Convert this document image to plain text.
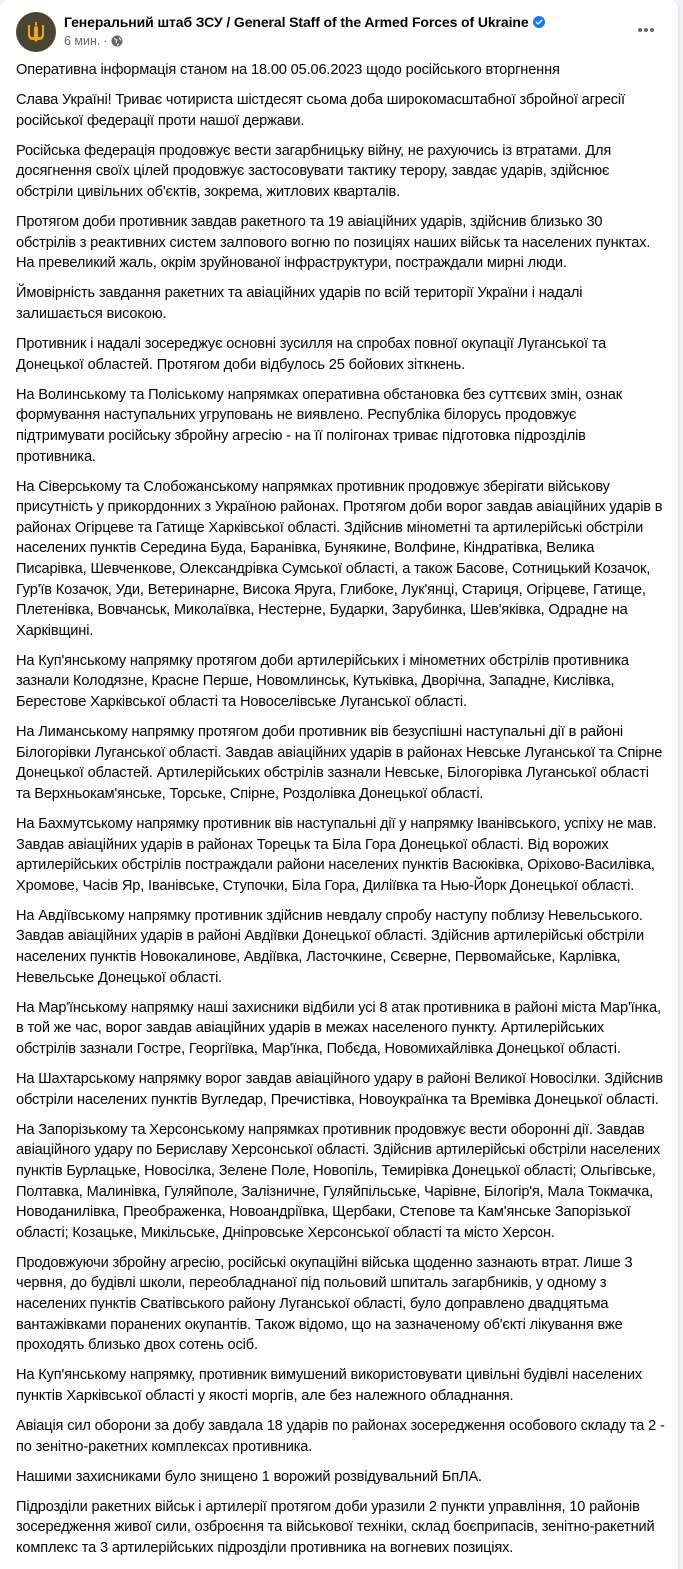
Генеральний штаб ЗСУ / General Staff of the Armed Forces of Ukraine
6 мин. ·

Оперативна інформація станом на 18.00 05.06.2023 щодо російського вторгнення

Слава Україні! Триває чотириста шістдесят сьома доба широкомасштабної збройної агресії російської федерації проти нашої держави.

Російська федерація продовжує вести загарбницьку війну, не рахуючись із втратами. Для досягнення своїх цілей продовжує застосовувати тактику терору, завдає ударів, здійснює обстріли цивільних об'єктів, зокрема, житлових кварталів.

Протягом доби противник завдав ракетного та 19 авіаційних ударів, здійснив близько 30 обстрілів з реактивних систем залпового вогню по позиціях наших військ та населених пунктах. На превеликий жаль, окрім зруйнованої інфраструктури, постраждали мирні люди.

Ймовірність завдання ракетних та авіаційних ударів по всій території України і надалі залишається високою.

Противник і надалі зосереджує основні зусилля на спробах повної окупації Луганської та Донецької областей. Протягом доби відбулось 25 бойових зіткнень.

На Волинському та Поліському напрямках оперативна обстановка без суттєвих змін, ознак формування наступальних угруповань не виявлено. Республіка білорусь продовжує підтримувати російську збройну агресію - на її полігонах триває підготовка підрозділів противника.

На Сіверському та Слобожанському напрямках противник продовжує зберігати військову присутність у прикордонних з Україною районах. Протягом доби ворог завдав авіаційних ударів в районах Огірцеве та Гатище Харківської області. Здійснив мінометні та артилерійські обстріли населених пунктів Середина Буда, Баранівка, Бунякине, Волфине, Кіндратівка, Велика Писарівка, Шевченкове, Олександрівка Сумської області, а також Басове, Сотницький Козачок, Гур'їв Козачок, Уди, Ветеринарне, Висока Яруга, Глибоке, Лук'янці, Стариця, Огірцеве, Гатище, Плетенівка, Вовчанськ, Миколаївка, Нестерне, Бударки, Зарубинка, Шев'яківка, Одрадне на Харківщині.

На Куп'янському напрямку протягом доби артилерійських і мінометних обстрілів противника зазнали Колодязне, Красне Перше, Новомлинськ, Кутьківка, Дворічна, Западне, Кислівка, Берестове Харківської області та Новоселівське Луганської області.

На Лиманському напрямку протягом доби противник вів безуспішні наступальні дії в районі Білогорівки Луганської області. Завдав авіаційних ударів в районах Невське Луганської та Спірне Донецької областей. Артилерійських обстрілів зазнали Невське, Білогорівка Луганської області та Верхньокам'янське, Торське, Спірне, Роздолівка Донецької області.

На Бахмутському напрямку противник вів наступальні дії у напрямку Іванівського, успіху не мав. Завдав авіаційних ударів в районах Торецьк та Біла Гора Донецької області. Від ворожих артилерійських обстрілів постраждали райони населених пунктів Васюківка, Оріхово-Василівка, Хромове, Часів Яр, Іванівське, Ступочки, Біла Гора, Диліївка та Нью-Йорк Донецької області.

На Авдіївському напрямку противник здійснив невдалу спробу наступу поблизу Невельського. Завдав авіаційних ударів в районі Авдіївки Донецької області. Здійснив артилерійські обстріли населених пунктів Новокалинове, Авдіївка, Ласточкине, Сєверне, Первомайське, Карлівка, Невельське Донецької області.

На Мар'їнському напрямку наші захисники відбили усі 8 атак противника в районі міста Мар'їнка, в той же час, ворог завдав авіаційних ударів в межах населеного пункту. Артилерійських обстрілів зазнали Гостре, Георгіївка, Мар'їнка, Побєда, Новомихайлівка Донецької області.

На Шахтарському напрямку ворог завдав авіаційного удару в районі Великої Новосілки. Здійснив обстріли населених пунктів Вугледар, Пречистівка, Новоукраїнка та Времівка Донецької області.

На Запорізькому та Херсонському напрямках противник продовжує вести оборонні дії. Завдав авіаційного удару по Бериславу Херсонської області. Здійснив артилерійські обстріли населених пунктів Бурлацьке, Новосілка, Зелене Поле, Новопіль, Темирівка Донецької області; Ольгівське, Полтавка, Малинівка, Гуляйполе, Залізничне, Гуляйпільське, Чарівне, Білогір'я, Мала Токмачка, Новоданилівка, Преображенка, Новоандріївка, Щербаки, Степове та Кам'янське Запорізької області; Козацьке, Микільське, Дніпровське Херсонської області та місто Херсон.

Продовжуючи збройну агресію, російські окупаційні війська щоденно зазнають втрат. Лише 3 червня, до будівлі школи, переобладнаної під польовий шпиталь загарбників, у одному з населених пунктів Сватівського району Луганської області, було доправлено двадцятьма вантажівками поранених окупантів. Також відомо, що на зазначеному об'єкті лікування вже проходять близько двох сотень осіб.

На Куп'янському напрямку, противник вимушений використовувати цивільні будівлі населених пунктів Харківської області у якості моргів, але без належного обладнання.

Авіація сил оборони за добу завдала 18 ударів по районах зосередження особового складу та 2 - по зенітно-ракетних комплексах противника.

Нашими захисниками було знищено 1 ворожий розвідувальний БпЛА.

Підрозділи ракетних військ і артилерії протягом доби уразили 2 пункти управління, 10 районів зосередження живої сили, озброєння та військової техніки, склад боєприпасів, зенітно-ракетний комплекс та 3 артилерійських підрозділи противника на вогневих позиціях.
